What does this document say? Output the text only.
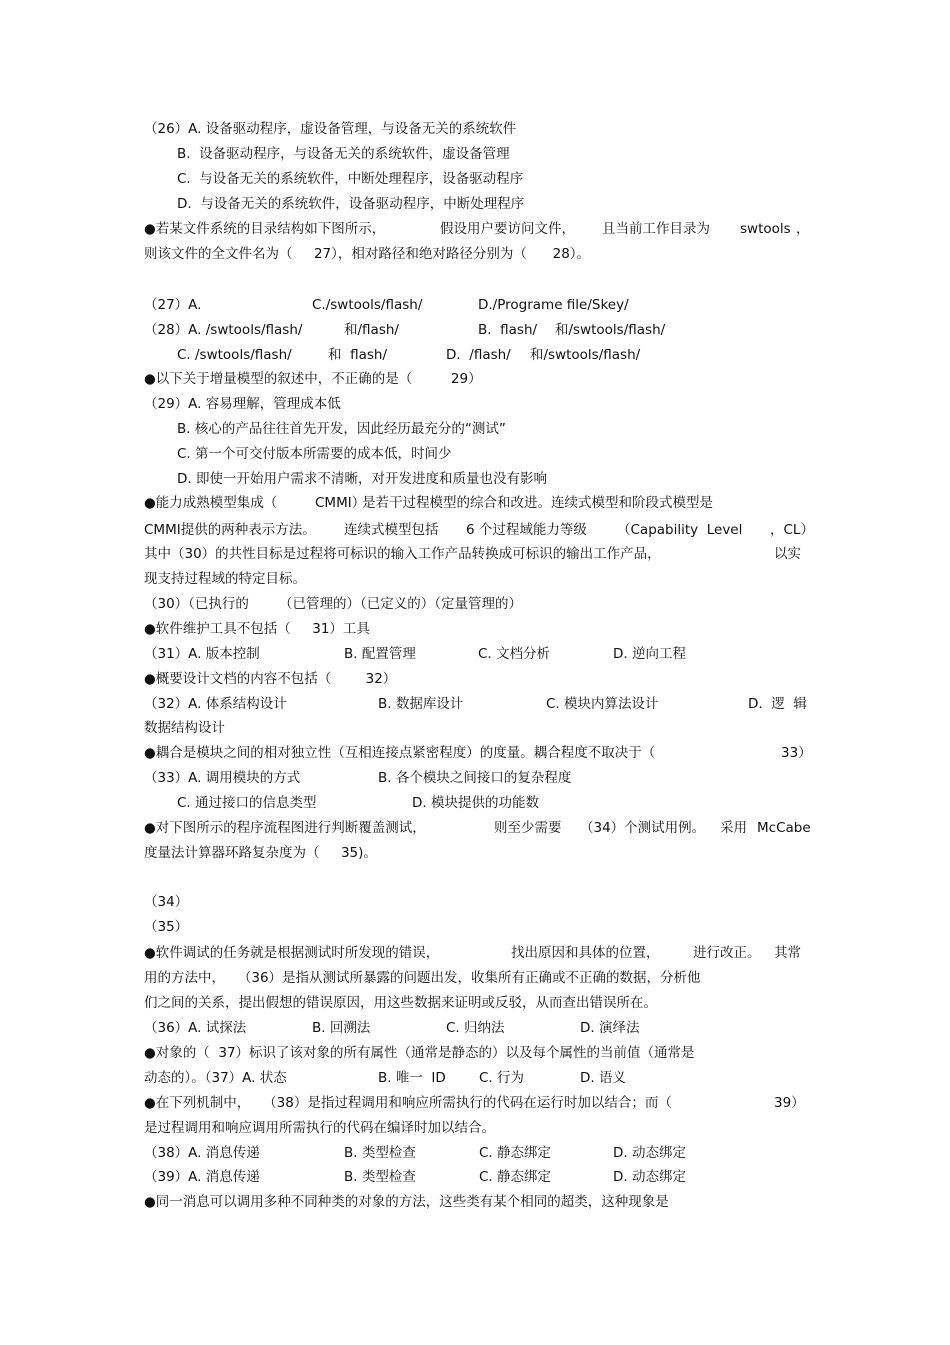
（26）A. 设备驱动程序，虚设备管理，与设备无关的系统软件

B.  设备驱动程序，与设备无关的系统软件，虚设备管理

C.  与设备无关的系统软件，中断处理程序，设备驱动程序

D.  与设备无关的系统软件，设备驱动程序，中断处理程序

●若某文件系统的目录结构如下图所示，

	假设用户要访问文件，

且当前工作目录为

swtools

，

则该文件的全文件名为（     27），相对路径和绝对路径分别为（      28）。

（27）A.

	C./swtools/flash/

	D./Programe file/Skey/

（28）A. /swtools/flash/

	和/flash/

	B.  flash/

和/swtools/flash/

C. /swtools/flash/

	和  flash/

	D.  /flash/

和/swtools/flash/

●以下关于增量模型的叙述中，不正确的是（         29）

（29）A. 容易理解，管理成本低

B. 核心的产品往往首先开发，因此经历最充分的“测试”

C. 第一个可交付版本所需要的成本低，时间少

D. 即使一开始用户需求不清晰，对开发进度和质量也没有影响

●能力成熟模型集成（

	CMMI）

是若干过程模型的综合和改进。连续式模型和阶段式模型是

CMMI提供的两种表示方法。

连续式模型包括

6 个过程域能力等级

（Capability  Level

，CL）

其中（30）的共性目标是过程将可标识的输入工作产品转换成可标识的输出工作产品，

	以实

现支持过程域的特定目标。

（30）（已执行的       （已管理的）（已定义的）（定量管理的）

●软件维护工具不包括（     31）工具

（31）A. 版本控制

	B. 配置管理

	C. 文档分析

	D. 逆向工程

●概要设计文档的内容不包括（        32）

（32）A. 体系结构设计

	B. 数据库设计

	C. 模块内算法设计

	D.  逻  辑

数据结构设计

●耦合是模块之间的相对独立性（互相连接点紧密程度）的度量。耦合程度不取决于（

	33）

（33）A. 调用模块的方式

	B. 各个模块之间接口的复杂程度

C. 通过接口的信息类型

	D. 模块提供的功能数

●对下图所示的程序流程图进行判断覆盖测试，

	则至少需要

（34）个测试用例。

采用

McCabe

度量法计算器环路复杂度为（     35)。

（34）

（35）

●软件调试的任务就是根据测试时所发现的错误，

	找出原因和具体的位置，

进行改正。

其常

用的方法中，   （36）是指从测试所暴露的问题出发，收集所有正确或不正确的数据，分析他

们之间的关系，提出假想的错误原因，用这些数据来证明或反驳，从而查出错误所在。

（36）A. 试探法

	B. 回溯法

	C. 归纳法

	D. 演绎法

●对象的（  37）标识了该对象的所有属性（通常是静态的）以及每个属性的当前值（通常是

动态的）。（37）A. 状态

	B. 唯一  ID

C. 行为

	D. 语义

●在下列机制中，   （38）是指过程调用和响应所需执行的代码在运行时加以结合；而（

	39）

是过程调用和响应调用所需执行的代码在编译时加以结合。

（38）A. 消息传递

	B. 类型检查

	C. 静态绑定

	D. 动态绑定

（39）A. 消息传递

	B. 类型检查

	C. 静态绑定

	D. 动态绑定

●同一消息可以调用多种不同种类的对象的方法，这些类有某个相同的超类，这种现象是
